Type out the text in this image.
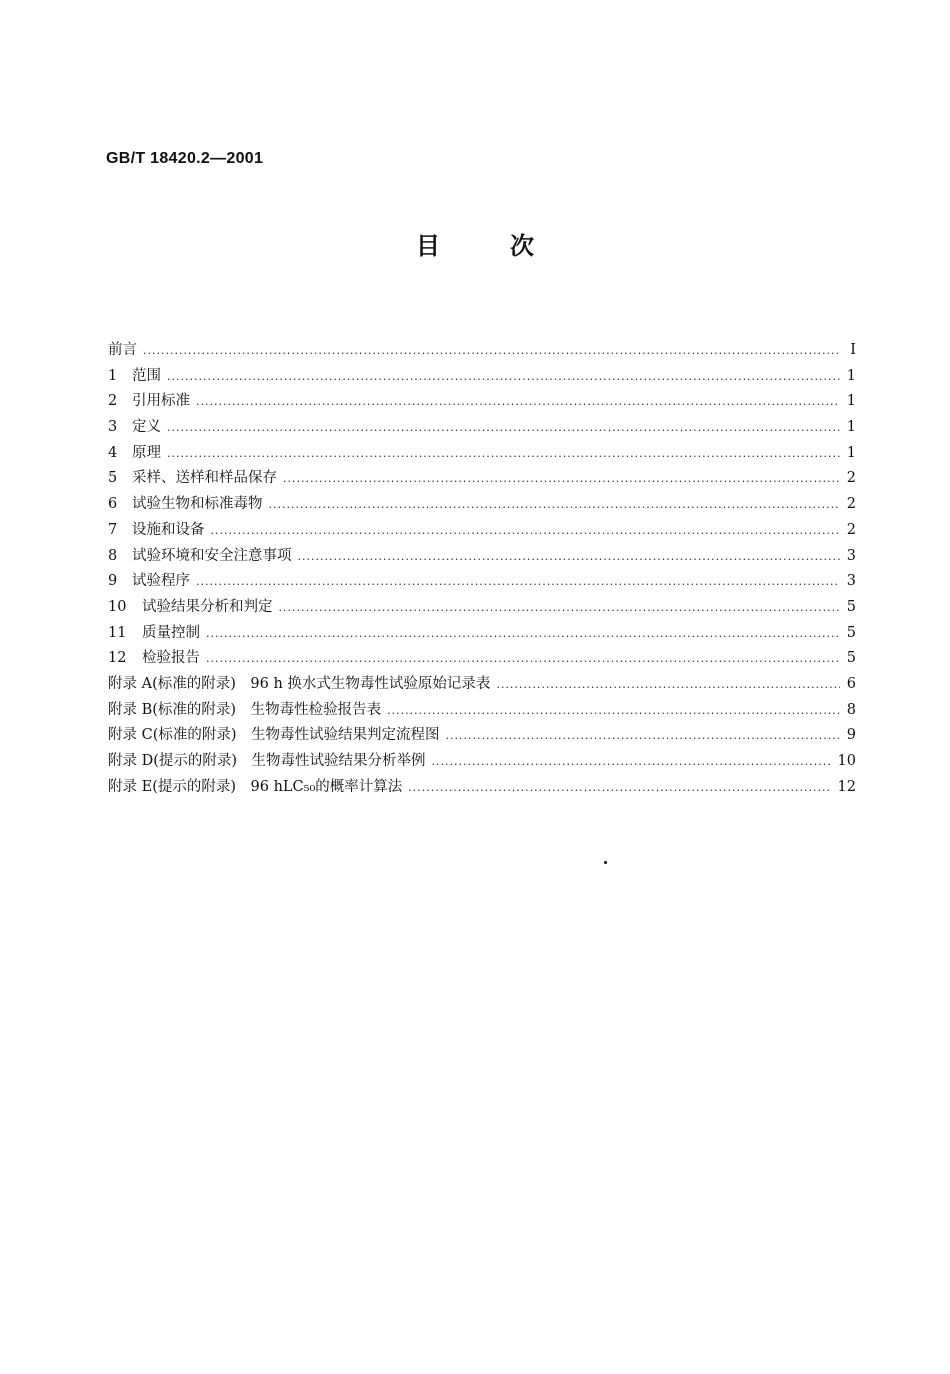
GB/T 18420.2—2001
目次
前言 .....	I
1	范围 .....	1
2	引用标准 .....	1
3	定义 .....	1
4	原理 .....	1
5	采样、送样和样品保存 .....	2
6	试验生物和标准毒物 .....	2
7	设施和设备 .....	2
8	试验环境和安全注意事项 .....	3
9	试验程序 .....	3
10	试验结果分析和判定 .....	5
11	质量控制 .....	5
12	检验报告 .....	5
附录 A(标准的附录)　96 h 换水式生物毒性试验原始记录表 .....	6
附录 B(标准的附录)　生物毒性检验报告表 .....	8
附录 C(标准的附录)　生物毒性试验结果判定流程图 .....	9
附录 D(提示的附录)　生物毒性试验结果分析举例 .....	10
附录 E(提示的附录)　96 hLC₅₀的概率计算法 .....	12
